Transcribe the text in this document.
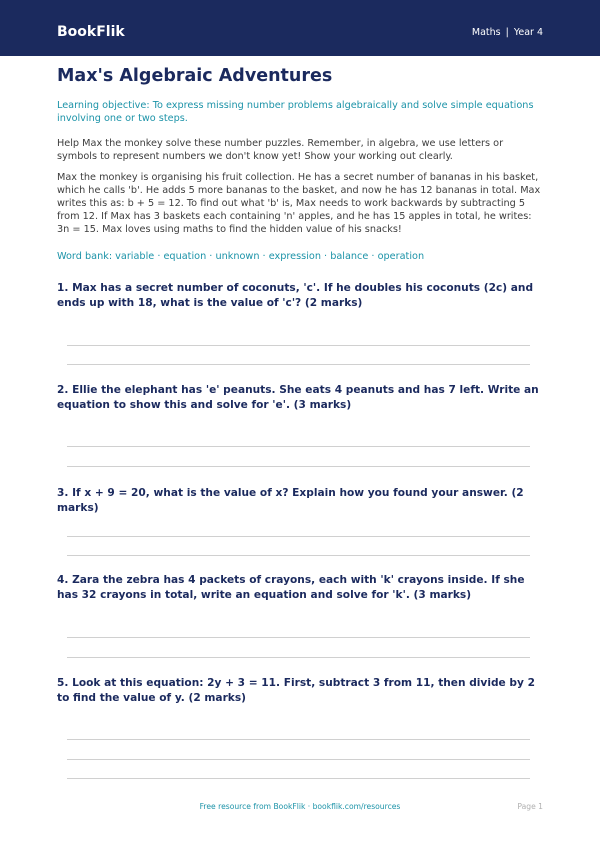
BookFlik	Maths | Year 4
Max's Algebraic Adventures
Learning objective: To express missing number problems algebraically and solve simple equations involving one or two steps.
Help Max the monkey solve these number puzzles. Remember, in algebra, we use letters or symbols to represent numbers we don't know yet! Show your working out clearly.
Max the monkey is organising his fruit collection. He has a secret number of bananas in his basket, which he calls 'b'. He adds 5 more bananas to the basket, and now he has 12 bananas in total. Max writes this as: b + 5 = 12. To find out what 'b' is, Max needs to work backwards by subtracting 5 from 12. If Max has 3 baskets each containing 'n' apples, and he has 15 apples in total, he writes: 3n = 15. Max loves using maths to find the hidden value of his snacks!
Word bank: variable · equation · unknown · expression · balance · operation
1. Max has a secret number of coconuts, 'c'. If he doubles his coconuts (2c) and ends up with 18, what is the value of 'c'? (2 marks)
2. Ellie the elephant has 'e' peanuts. She eats 4 peanuts and has 7 left. Write an equation to show this and solve for 'e'. (3 marks)
3. If x + 9 = 20, what is the value of x? Explain how you found your answer. (2 marks)
4. Zara the zebra has 4 packets of crayons, each with 'k' crayons inside. If she has 32 crayons in total, write an equation and solve for 'k'. (3 marks)
5. Look at this equation: 2y + 3 = 11. First, subtract 3 from 11, then divide by 2 to find the value of y. (2 marks)
Free resource from BookFlik · bookflik.com/resources	Page 1
